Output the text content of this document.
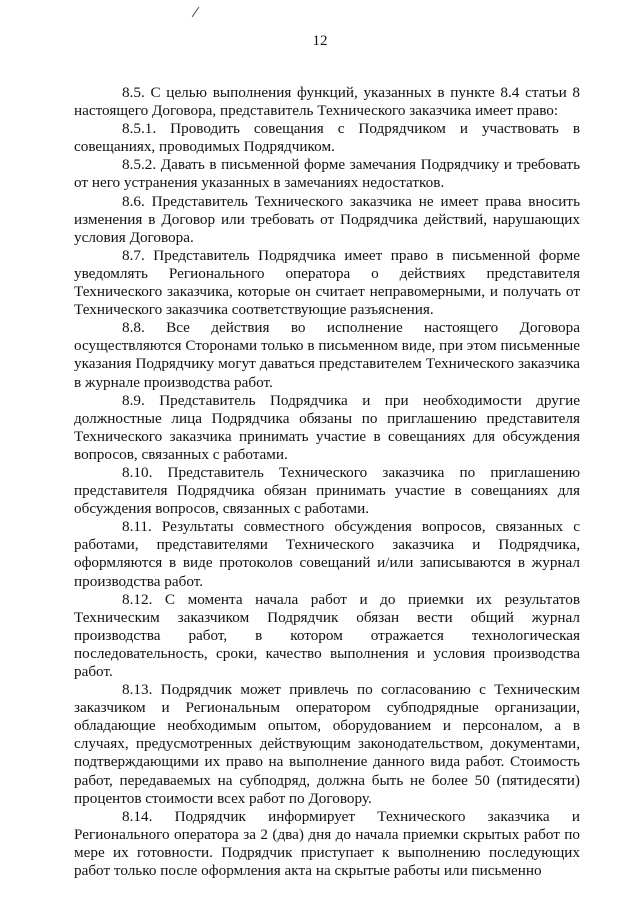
12

8.5. С целью выполнения функций, указанных в пункте 8.4 статьи 8 настоящего Договора, представитель Технического заказчика имеет право:

8.5.1. Проводить совещания с Подрядчиком и участвовать в совещаниях, проводимых Подрядчиком.

8.5.2. Давать в письменной форме замечания Подрядчику и требовать от него устранения указанных в замечаниях недостатков.

8.6. Представитель Технического заказчика не имеет права вносить изменения в Договор или требовать от Подрядчика действий, нарушающих условия Договора.

8.7. Представитель Подрядчика имеет право в письменной форме уведомлять Регионального оператора о действиях представителя Технического заказчика, которые он считает неправомерными, и получать от Технического заказчика соответствующие разъяснения.

8.8. Все действия во исполнение настоящего Договора осуществляются Сторонами только в письменном виде, при этом письменные указания Подрядчику могут даваться представителем Технического заказчика в журнале производства работ.

8.9. Представитель Подрядчика и при необходимости другие должностные лица Подрядчика обязаны по приглашению представителя Технического заказчика принимать участие в совещаниях для обсуждения вопросов, связанных с работами.

8.10. Представитель Технического заказчика по приглашению представителя Подрядчика обязан принимать участие в совещаниях для обсуждения вопросов, связанных с работами.

8.11. Результаты совместного обсуждения вопросов, связанных с работами, представителями Технического заказчика и Подрядчика, оформляются в виде протоколов совещаний и/или записываются в журнал производства работ.

8.12. С момента начала работ и до приемки их результатов Техническим заказчиком Подрядчик обязан вести общий журнал производства работ, в котором отражается технологическая последовательность, сроки, качество выполнения и условия производства работ.

8.13. Подрядчик может привлечь по согласованию с Техническим заказчиком и Региональным оператором субподрядные организации, обладающие необходимым опытом, оборудованием и персоналом, а в случаях, предусмотренных действующим законодательством, документами, подтверждающими их право на выполнение данного вида работ. Стоимость работ, передаваемых на субподряд, должна быть не более 50 (пятидесяти) процентов стоимости всех работ по Договору.

8.14. Подрядчик информирует Технического заказчика и Регионального оператора за 2 (два) дня до начала приемки скрытых работ по мере их готовности. Подрядчик приступает к выполнению последующих работ только после оформления акта на скрытые работы или письменно
